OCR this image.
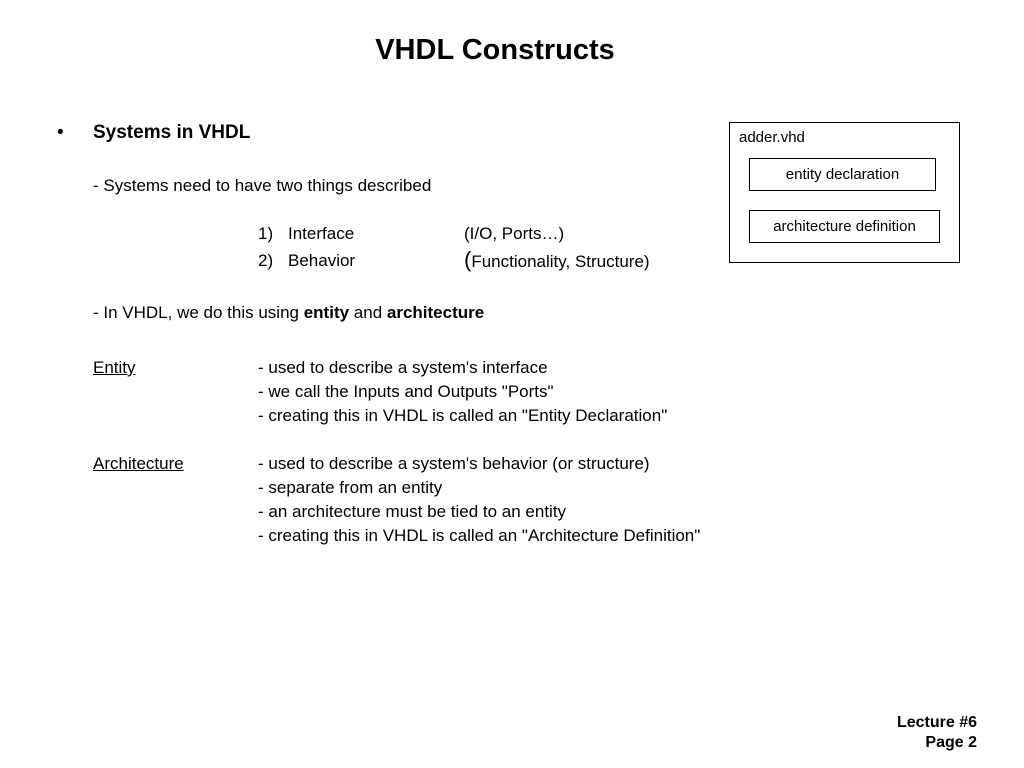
VHDL Constructs
• Systems in VHDL
- Systems need to have two things described
1) Interface	(I/O, Ports…)
2) Behavior	(Functionality, Structure)
- In VHDL, we do this using entity and architecture
Entity	- used to describe a system's interface
- we call the Inputs and Outputs "Ports"
- creating this in VHDL is called an "Entity Declaration"
Architecture	- used to describe a system's behavior (or structure)
- separate from an entity
- an architecture must be tied to an entity
- creating this in VHDL is called an "Architecture Definition"
adder.vhd
entity declaration
architecture definition
Lecture #6
Page 2
